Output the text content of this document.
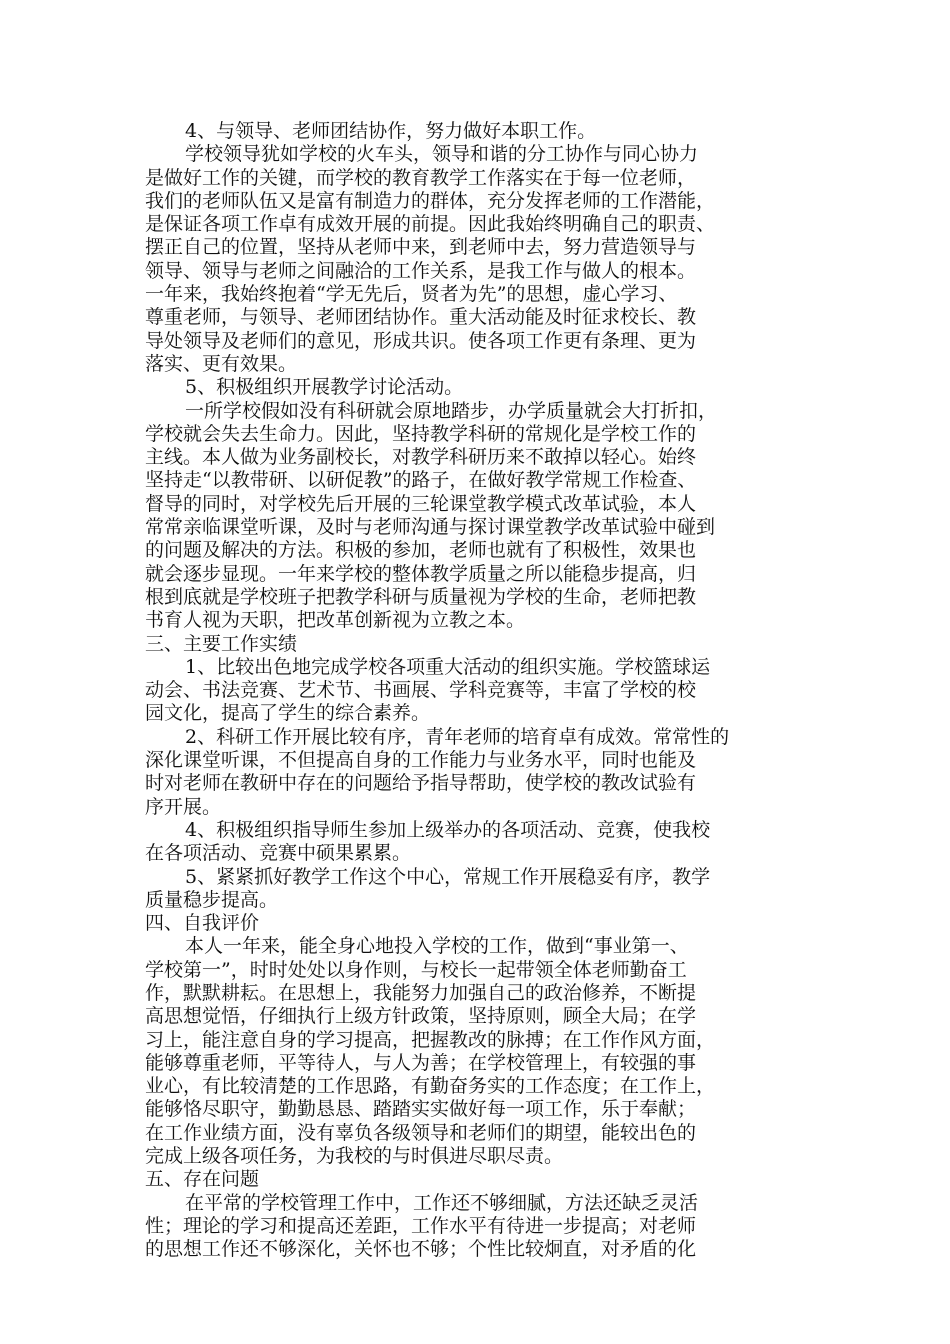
4、与领导、老师团结协作，努力做好本职工作。
学校领导犹如学校的火车头，领导和谐的分工协作与同心协力
是做好工作的关键，而学校的教育教学工作落实在于每一位老师，
我们的老师队伍又是富有制造力的群体，充分发挥老师的工作潜能，
是保证各项工作卓有成效开展的前提。因此我始终明确自己的职责、
摆正自己的位置，坚持从老师中来，到老师中去，努力营造领导与
领导、领导与老师之间融洽的工作关系，是我工作与做人的根本。
一年来，我始终抱着“学无先后，贤者为先”的思想，虚心学习、
尊重老师，与领导、老师团结协作。重大活动能及时征求校长、教
导处领导及老师们的意见，形成共识。使各项工作更有条理、更为
落实、更有效果。
5、积极组织开展教学讨论活动。
一所学校假如没有科研就会原地踏步，办学质量就会大打折扣，
学校就会失去生命力。因此，坚持教学科研的常规化是学校工作的
主线。本人做为业务副校长，对教学科研历来不敢掉以轻心。始终
坚持走“以教带研、以研促教”的路子，在做好教学常规工作检查、
督导的同时，对学校先后开展的三轮课堂教学模式改革试验，本人
常常亲临课堂听课，及时与老师沟通与探讨课堂教学改革试验中碰到
的问题及解决的方法。积极的参加，老师也就有了积极性，效果也
就会逐步显现。一年来学校的整体教学质量之所以能稳步提高，归
根到底就是学校班子把教学科研与质量视为学校的生命，老师把教
书育人视为天职，把改革创新视为立教之本。
三、主要工作实绩
1、比较出色地完成学校各项重大活动的组织实施。学校篮球运
动会、书法竞赛、艺术节、书画展、学科竞赛等，丰富了学校的校
园文化，提高了学生的综合素养。
2、科研工作开展比较有序，青年老师的培育卓有成效。常常性的
深化课堂听课，不但提高自身的工作能力与业务水平，同时也能及
时对老师在教研中存在的问题给予指导帮助，使学校的教改试验有
序开展。
4、积极组织指导师生参加上级举办的各项活动、竞赛，使我校
在各项活动、竞赛中硕果累累。
5、紧紧抓好教学工作这个中心，常规工作开展稳妥有序，教学
质量稳步提高。
四、自我评价
本人一年来，能全身心地投入学校的工作，做到“事业第一、
学校第一”，时时处处以身作则，与校长一起带领全体老师勤奋工
作，默默耕耘。在思想上，我能努力加强自己的政治修养，不断提
高思想觉悟，仔细执行上级方针政策，坚持原则，顾全大局；在学
习上，能注意自身的学习提高，把握教改的脉搏；在工作作风方面，
能够尊重老师，平等待人，与人为善；在学校管理上，有较强的事
业心，有比较清楚的工作思路，有勤奋务实的工作态度；在工作上，
能够恪尽职守，勤勤恳恳、踏踏实实做好每一项工作，乐于奉献；
在工作业绩方面，没有辜负各级领导和老师们的期望，能较出色的
完成上级各项任务，为我校的与时俱进尽职尽责。
五、存在问题
在平常的学校管理工作中，工作还不够细腻，方法还缺乏灵活
性；理论的学习和提高还差距，工作水平有待进一步提高；对老师
的思想工作还不够深化，关怀也不够；个性比较炯直，对矛盾的化
